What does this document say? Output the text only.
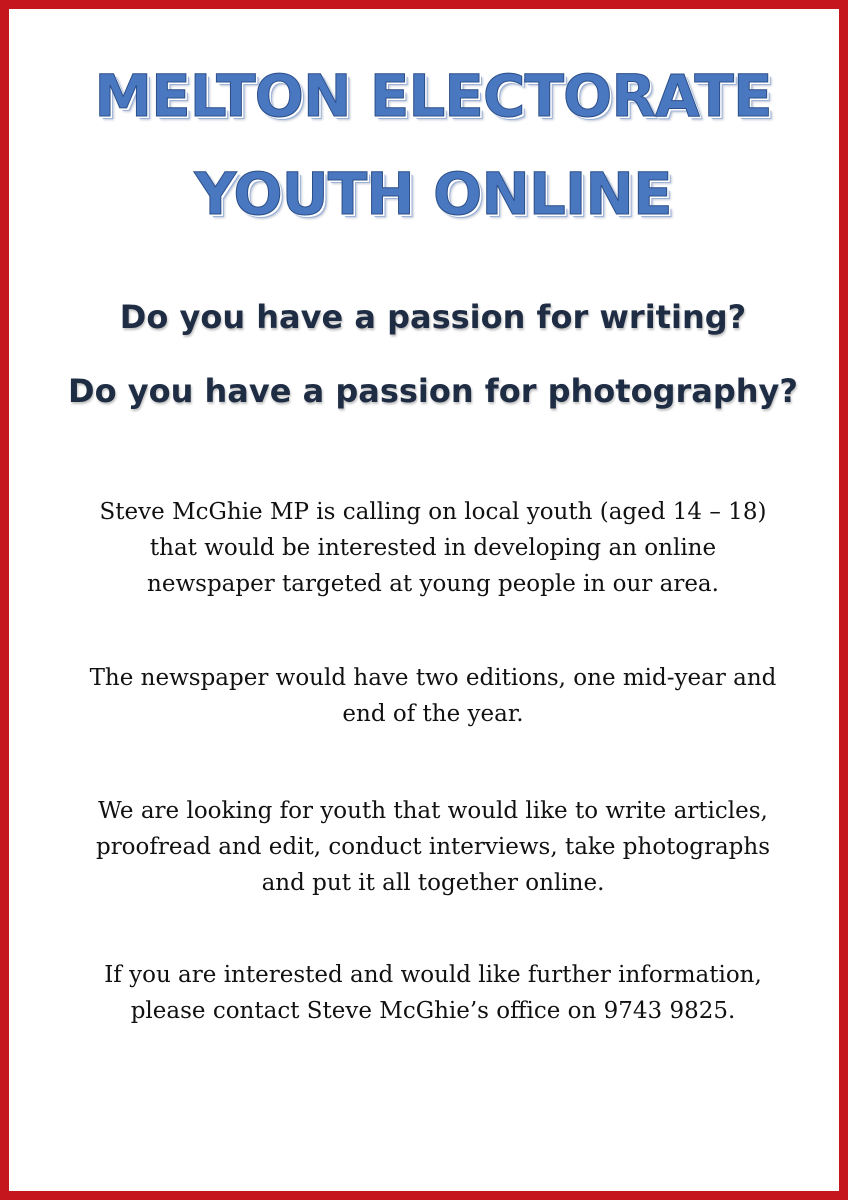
MELTON ELECTORATE
YOUTH ONLINE
Do you have a passion for writing?
Do you have a passion for photography?

Steve McGhie MP is calling on local youth (aged 14 – 18) that would be interested in developing an online newspaper targeted at young people in our area.

The newspaper would have two editions, one mid-year and end of the year.

We are looking for youth that would like to write articles, proofread and edit, conduct interviews, take photographs and put it all together online.

If you are interested and would like further information, please contact Steve McGhie’s office on 9743 9825.
